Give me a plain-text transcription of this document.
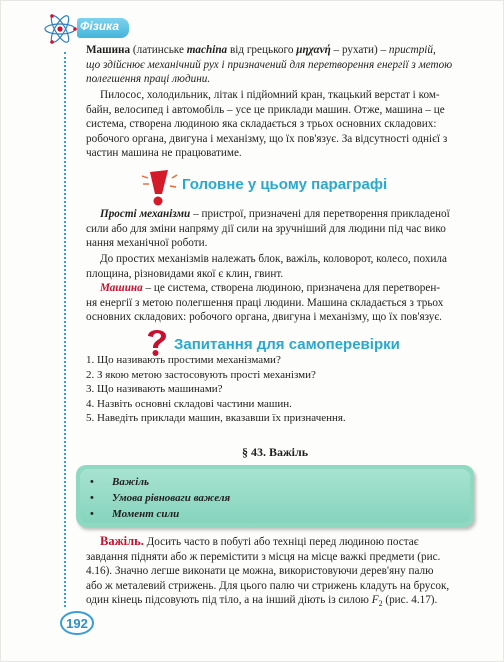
Фізика

Машина (латинське machina від грецького μηχανή – рухати) – пристрій,
що здійснює механічний рух і призначений для перетворення енергії з метою
полегшення праці людини.

Пилосос, холодильник, літак і підйомний кран, ткацький верстат і ком-
байн, велосипед і автомобіль – усе це приклади машин. Отже, машина – це
система, створена людиною яка складається з трьох основних складових:
робочого органа, двигуна і механізму, що їх пов'язує. За відсутності однієї з
частин машина не працюватиме.

Головне у цьому параграфі

Прості механізми – пристрої, призначені для перетворення прикладеної
сили або для зміни напряму дії сили на зручніший для людини під час вико
нання механічної роботи.

До простих механізмів належать блок, важіль, коловорот, колесо, похила
площина, різновидами якої є клин, гвинт.

Машина – це система, створена людиною, призначена для перетворен-
ня енергії з метою полегшення праці людини. Машина складається з трьох
основних складових: робочого органа, двигуна і механізму, що їх пов'язує.

Запитання для самоперевірки
1. Що називають простими механізмами?
2. З якою метою застосовують прості механізми?
3. Що називають машинами?
4. Назвіть основні складові частини машин.
5. Наведіть приклади машин, вказавши їх призначення.
§ 43. Важіль
• Важіль
• Умова рівноваги важеля
• Момент сили

Важіль. Досить часто в побуті або техніці перед людиною постає
завдання підняти або ж перемістити з місця на місце важкі предмети (рис.
4.16). Значно легше виконати це можна, використовуючи дерев'яну палю
або ж металевий стрижень. Для цього палю чи стрижень кладуть на брусок,
один кінець підсовують під тіло, а на інший діють із силою $F_2$ (рис. 4.17).

192
